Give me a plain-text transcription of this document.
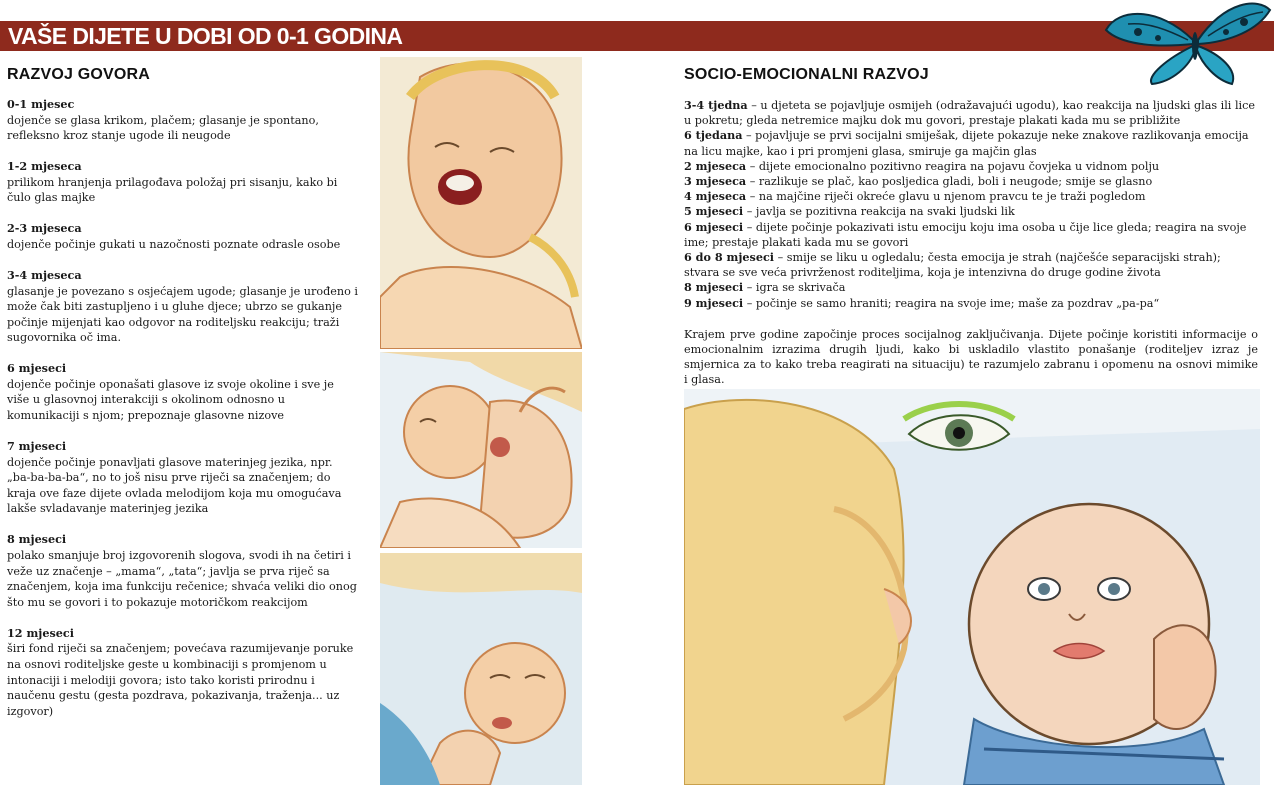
VAŠE DIJETE U DOBI OD 0-1 GODINA
RAZVOJ GOVORA	SOCIO-EMOCIONALNI RAZVOJ

0-1 mjesec
dojenče se glasa krikom, plačem; glasanje je spontano, refleksno kroz stanje ugode ili neugode

1-2 mjeseca
prilikom hranjenja prilagođava položaj pri sisanju, kako bi čulo glas majke

2-3 mjeseca
dojenče počinje gukati u nazočnosti poznate odrasle osobe

3-4 mjeseca
glasanje je povezano s osjećajem ugode; glasanje je urođeno i može čak biti zastupljeno i u gluhe djece; ubrzo se gukanje počinje mijenjati kao odgovor na roditeljsku reakciju; traži sugovornika oč ima.

6 mjeseci
dojenče počinje oponašati glasove iz svoje okoline i sve je više u glasovnoj interakciji s okolinom odnosno u komunikaciji s njom; prepoznaje glasovne nizove

7 mjeseci
dojenče počinje ponavljati glasove materinjeg jezika, npr. „ba-ba-ba-ba“, no to još nisu prve riječi sa značenjem; do kraja ove faze dijete ovlada melodijom koja mu omogućava lakše svladavanje materinjeg jezika

8 mjeseci
polako smanjuje broj izgovorenih slogova, svodi ih na četiri i veže uz značenje – „mama“, „tata“; javlja se prva riječ sa značenjem, koja ima funkciju rečenice; shvaća veliki dio onog što mu se govori i to pokazuje motoričkom reakcijom

12 mjeseci
širi fond riječi sa značenjem; povećava razumijevanje poruke na osnovi roditeljske geste u kombinaciji s promjenom u intonaciji i melodiji govora; isto tako koristi prirodnu i naučenu gestu (gesta pozdrava, pokazivanja, traženja... uz izgovor)

3-4 tjedna – u djeteta se pojavljuje osmijeh (odražavajući ugodu), kao reakcija na ljudski glas ili lice u pokretu; gleda netremice majku dok mu govori, prestaje plakati kada mu se približite
6 tjedana – pojavljuje se prvi socijalni smiješak, dijete pokazuje neke znakove razlikovanja emocija na licu majke, kao i pri promjeni glasa, smiruje ga majčin glas
2 mjeseca – dijete emocionalno pozitivno reagira na pojavu čovjeka u vidnom polju
3 mjeseca – razlikuje se plač, kao posljedica gladi, boli i neugode; smije se glasno
4 mjeseca – na majčine riječi okreće glavu u njenom pravcu te je traži pogledom
5 mjeseci – javlja se pozitivna reakcija na svaki ljudski lik
6 mjeseci – dijete počinje pokazivati istu emociju koju ima osoba u čije lice gleda; reagira na svoje ime; prestaje plakati kada mu se govori
6 do 8 mjeseci – smije se liku u ogledalu; česta emocija je strah (najčešće separacijski strah); stvara se sve veća privrženost roditeljima, koja je intenzivna do druge godine života
8 mjeseci – igra se skrivača
9 mjeseci – počinje se samo hraniti; reagira na svoje ime; maše za pozdrav „pa-pa“

Krajem prve godine započinje proces socijalnog zaključivanja. Dijete počinje koristiti informacije o emocionalnim izrazima drugih ljudi, kako bi uskladilo vlastito ponašanje (roditeljev izraz je smjernica za to kako treba reagirati na situaciju) te razumjelo zabranu i opomenu na osnovi mimike i glasa.
